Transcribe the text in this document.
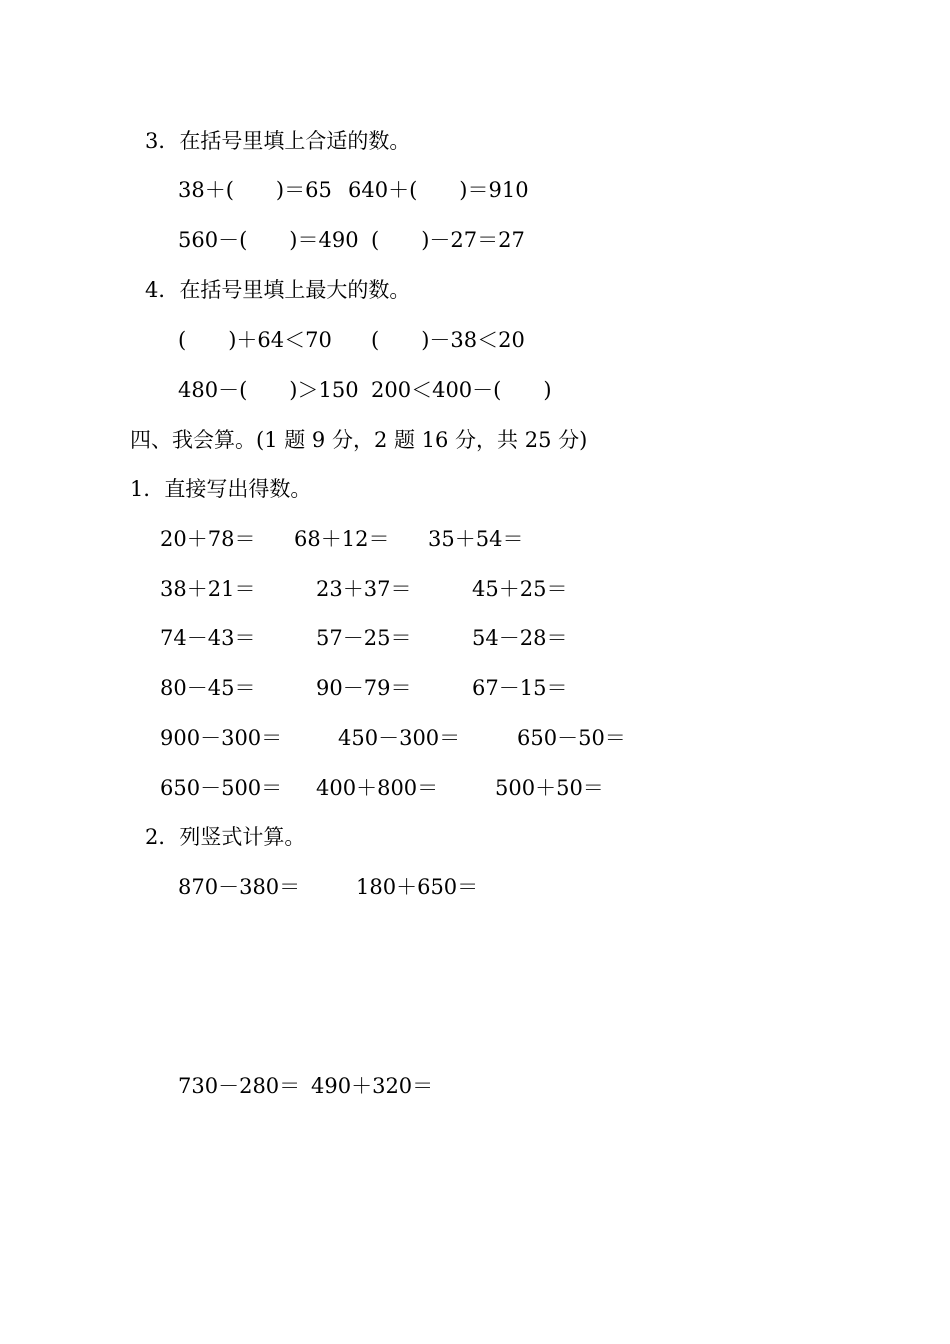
3．在括号里填上合适的数。
38＋(　　)＝65 640＋(　　)＝910
560－(　　)＝490 (　　)－27＝27
4．在括号里填上最大的数。
(　　)＋64＜70 (　　)－38＜20
480－(　　)＞150 200＜400－(　　)
四、我会算。(1 题 9 分，2 题 16 分，共 25 分)
1．直接写出得数。
20＋78＝ 68＋12＝ 35＋54＝
38＋21＝	23＋37＝	45＋25＝
74－43＝	57－25＝	54－28＝
80－45＝	90－79＝	67－15＝
900－300＝	450－300＝	650－50＝
650－500＝ 400＋800＝	500＋50＝
2．列竖式计算。
870－380＝	180＋650＝
730－280＝ 490＋320＝
